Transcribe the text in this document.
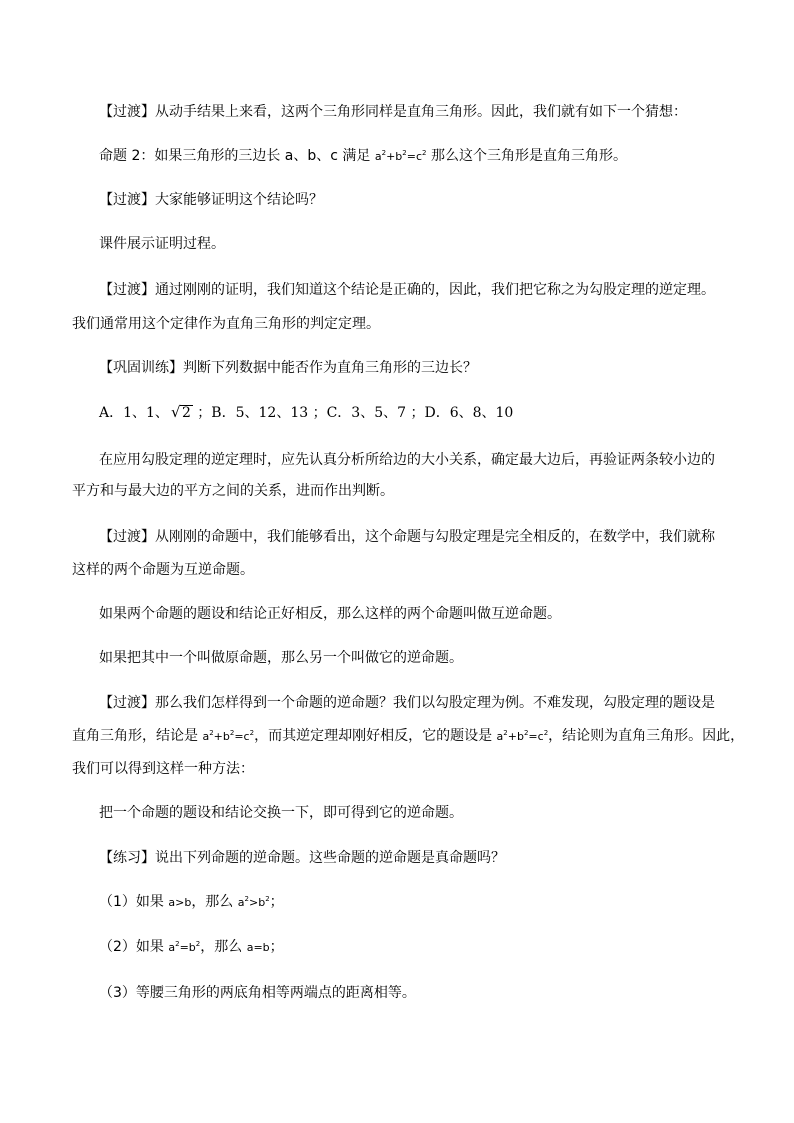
【过渡】从动手结果上来看，这两个三角形同样是直角三角形。因此，我们就有如下一个猜想：
命题 2：如果三角形的三边长 a、b、c 满足 $a^2+b^2=c^2$ 那么这个三角形是直角三角形。
【过渡】大家能够证明这个结论吗？
课件展示证明过程。
【过渡】通过刚刚的证明，我们知道这个结论是正确的，因此，我们把它称之为勾股定理的逆定理。
我们通常用这个定律作为直角三角形的判定定理。
【巩固训练】判断下列数据中能否作为直角三角形的三边长？
A．1、1、 √ 2 ；B．5、12、13 ；C．3、5、7 ；D．6、8、10
在应用勾股定理的逆定理时，应先认真分析所给边的大小关系，确定最大边后，再验证两条较小边的
平方和与最大边的平方之间的关系，进而作出判断。
【过渡】从刚刚的命题中，我们能够看出，这个命题与勾股定理是完全相反的，在数学中，我们就称
这样的两个命题为互逆命题。
如果两个命题的题设和结论正好相反，那么这样的两个命题叫做互逆命题。
如果把其中一个叫做原命题，那么另一个叫做它的逆命题。
【过渡】那么我们怎样得到一个命题的逆命题？我们以勾股定理为例。不难发现，勾股定理的题设是
直角三角形，结论是 $a^2+b^2=c^2$，而其逆定理却刚好相反，它的题设是 $a^2+b^2=c^2$，结论则为直角三角形。因此，
我们可以得到这样一种方法：
把一个命题的题设和结论交换一下，即可得到它的逆命题。
【练习】说出下列命题的逆命题。这些命题的逆命题是真命题吗？
（1）如果 a>b，那么 $a^2>b^2$；
（2）如果 $a^2=b^2$，那么 a=b；
（3）等腰三角形的两底角相等两端点的距离相等。
